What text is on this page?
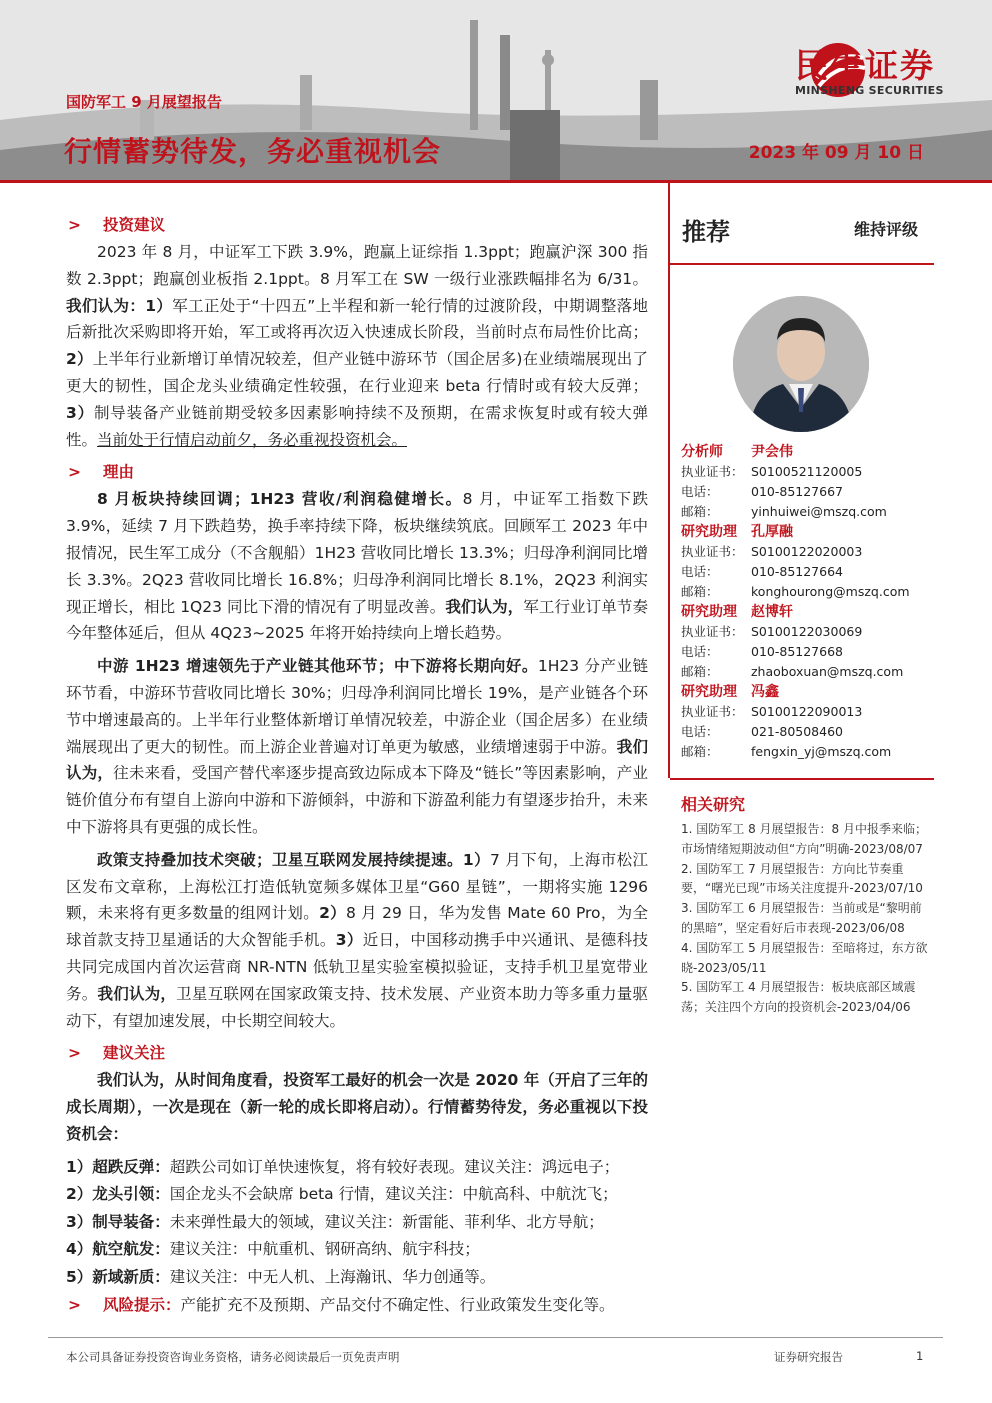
国防军工 9 月展望报告
行情蓄势待发，务必重视机会	2023 年 09 月 10 日
民生证券
MINSHENG SECURITIES
> 投资建议

2023 年 8 月，中证军工下跌 3.9%，跑赢上证综指 1.3ppt；跑赢沪深 300 指数 2.3ppt；跑赢创业板指 2.1ppt。8 月军工在 SW 一级行业涨跌幅排名为 6/31。我们认为：1）军工正处于“十四五”上半程和新一轮行情的过渡阶段，中期调整落地后新批次采购即将开始，军工或将再次迈入快速成长阶段，当前时点布局性价比高；2）上半年行业新增订单情况较差，但产业链中游环节（国企居多)在业绩端展现出了更大的韧性，国企龙头业绩确定性较强，在行业迎来 beta 行情时或有较大反弹；3）制导装备产业链前期受较多因素影响持续不及预期，在需求恢复时或有较大弹性。当前处于行情启动前夕，务必重视投资机会。

> 理由

8 月板块持续回调；1H23 营收/利润稳健增长。8 月，中证军工指数下跌 3.9%，延续 7 月下跌趋势，换手率持续下降，板块继续筑底。回顾军工 2023 年中报情况，民生军工成分（不含舰船）1H23 营收同比增长 13.3%；归母净利润同比增长 3.3%。2Q23 营收同比增长 16.8%；归母净利润同比增长 8.1%，2Q23 利润实现正增长，相比 1Q23 同比下滑的情况有了明显改善。我们认为，军工行业订单节奏今年整体延后，但从 4Q23~2025 年将开始持续向上增长趋势。

中游 1H23 增速领先于产业链其他环节；中下游将长期向好。1H23 分产业链环节看，中游环节营收同比增长 30%；归母净利润同比增长 19%，是产业链各个环节中增速最高的。上半年行业整体新增订单情况较差，中游企业（国企居多）在业绩端展现出了更大的韧性。而上游企业普遍对订单更为敏感，业绩增速弱于中游。我们认为，往未来看，受国产替代率逐步提高致边际成本下降及“链长”等因素影响，产业链价值分布有望自上游向中游和下游倾斜，中游和下游盈利能力有望逐步抬升，未来中下游将具有更强的成长性。

政策支持叠加技术突破；卫星互联网发展持续提速。1）7 月下旬，上海市松江区发布文章称，上海松江打造低轨宽频多媒体卫星“G60 星链”，一期将实施 1296 颗，未来将有更多数量的组网计划。2）8 月 29 日，华为发售 Mate 60 Pro，为全球首款支持卫星通话的大众智能手机。3）近日，中国移动携手中兴通讯、是德科技共同完成国内首次运营商 NR-NTN 低轨卫星实验室模拟验证，支持手机卫星宽带业务。我们认为，卫星互联网在国家政策支持、技术发展、产业资本助力等多重力量驱动下，有望加速发展，中长期空间较大。

> 建议关注

我们认为，从时间角度看，投资军工最好的机会一次是 2020 年（开启了三年的成长周期），一次是现在（新一轮的成长即将启动）。行情蓄势待发，务必重视以下投资机会：

1）超跌反弹：超跌公司如订单快速恢复，将有较好表现。建议关注：鸿远电子；
2）龙头引领：国企龙头不会缺席 beta 行情，建议关注：中航高科、中航沈飞；
3）制导装备：未来弹性最大的领域，建议关注：新雷能、菲利华、北方导航；
4）航空航发：建议关注：中航重机、钢研高纳、航宇科技；
5）新域新质：建议关注：中无人机、上海瀚讯、华力创通等。
> 风险提示：产能扩充不及预期、产品交付不确定性、行业政策发生变化等。
推荐	维持评级
分析师	尹会伟
执业证书： S0100521120005
电话：	010-85127667
邮箱：	yinhuiwei@mszq.com
研究助理	孔厚融
执业证书： S0100122020003
电话：	010-85127664
邮箱：	konghourong@mszq.com
研究助理	赵博轩
执业证书： S0100122030069
电话：	010-85127668
邮箱：	zhaoboxuan@mszq.com
研究助理	冯鑫
执业证书： S0100122090013
电话：	021-80508460
邮箱：	fengxin_yj@mszq.com
相关研究
1. 国防军工 8 月展望报告：8 月中报季来临；市场情绪短期波动但“方向”明确-2023/08/07
2. 国防军工 7 月展望报告：方向比节奏重要，“曙光已现”市场关注度提升-2023/07/10
3. 国防军工 6 月展望报告：当前或是“黎明前的黑暗”，坚定看好后市表现-2023/06/08
4. 国防军工 5 月展望报告：至暗将过，东方欲晓-2023/05/11
5. 国防军工 4 月展望报告：板块底部区域震荡；关注四个方向的投资机会-2023/04/06
本公司具备证券投资咨询业务资格，请务必阅读最后一页免责声明	证券研究报告	1
